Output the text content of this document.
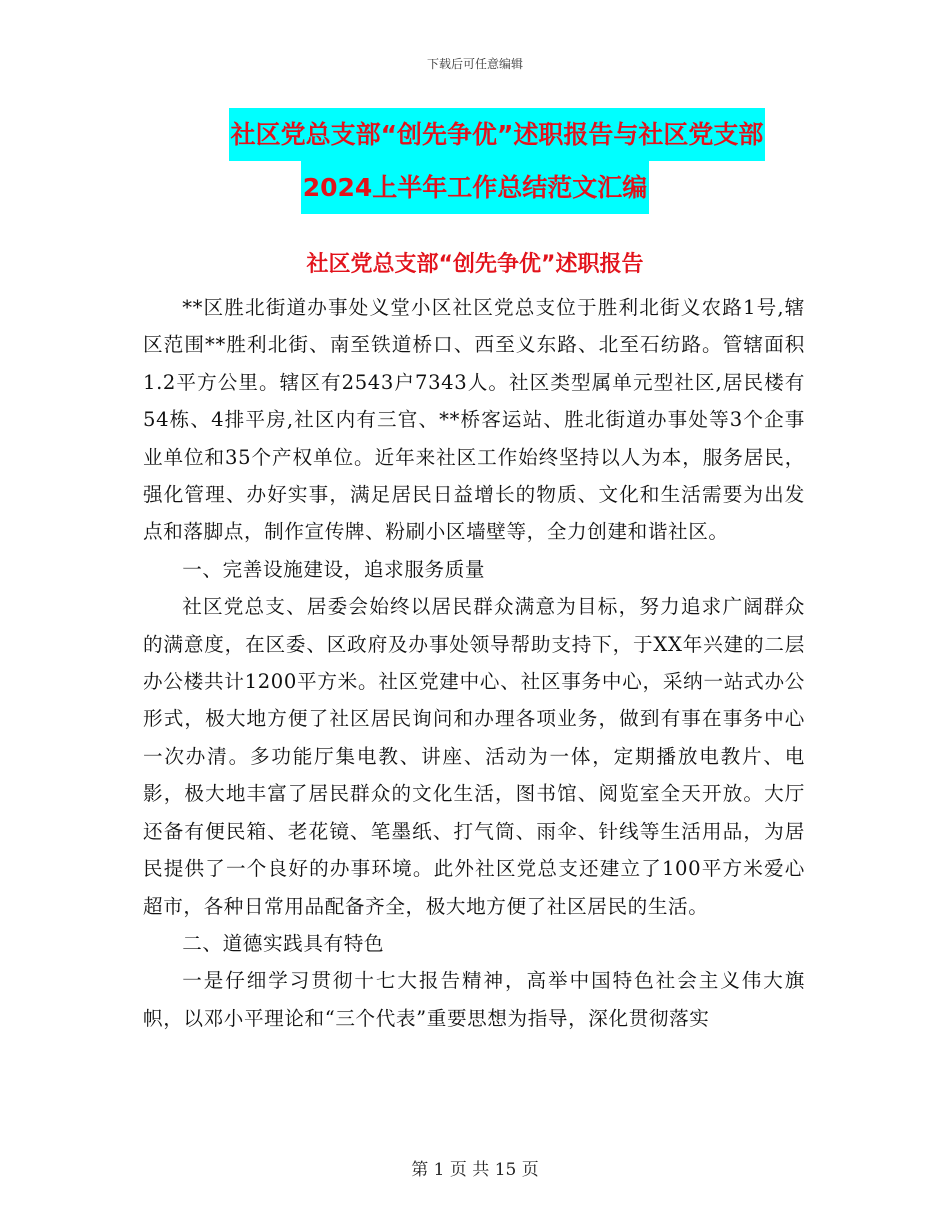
下载后可任意编辑
社区党总支部“创先争优”述职报告与社区党支部
2024上半年工作总结范文汇编
社区党总支部“创先争优”述职报告

**区胜北街道办事处义堂小区社区党总支位于胜利北街义农路1号,辖区范围**胜利北街、南至铁道桥口、西至义东路、北至石纺路。管辖面积1.2平方公里。辖区有2543户7343人。社区类型属单元型社区,居民楼有54栋、4排平房,社区内有三官、**桥客运站、胜北街道办事处等3个企事业单位和35个产权单位。近年来社区工作始终坚持以人为本，服务居民，强化管理、办好实事，满足居民日益增长的物质、文化和生活需要为出发点和落脚点，制作宣传牌、粉刷小区墙壁等，全力创建和谐社区。

一、完善设施建设，追求服务质量

社区党总支、居委会始终以居民群众满意为目标，努力追求广阔群众的满意度，在区委、区政府及办事处领导帮助支持下，于XX年兴建的二层办公楼共计1200平方米。社区党建中心、社区事务中心，采纳一站式办公形式，极大地方便了社区居民询问和办理各项业务，做到有事在事务中心一次办清。多功能厅集电教、讲座、活动为一体，定期播放电教片、电影，极大地丰富了居民群众的文化生活，图书馆、阅览室全天开放。大厅还备有便民箱、老花镜、笔墨纸、打气筒、雨伞、针线等生活用品，为居民提供了一个良好的办事环境。此外社区党总支还建立了100平方米爱心超市，各种日常用品配备齐全，极大地方便了社区居民的生活。

二、道德实践具有特色

一是仔细学习贯彻十七大报告精神，高举中国特色社会主义伟大旗帜，以邓小平理论和“三个代表”重要思想为指导，深化贯彻落实

第 1 页 共 15 页
